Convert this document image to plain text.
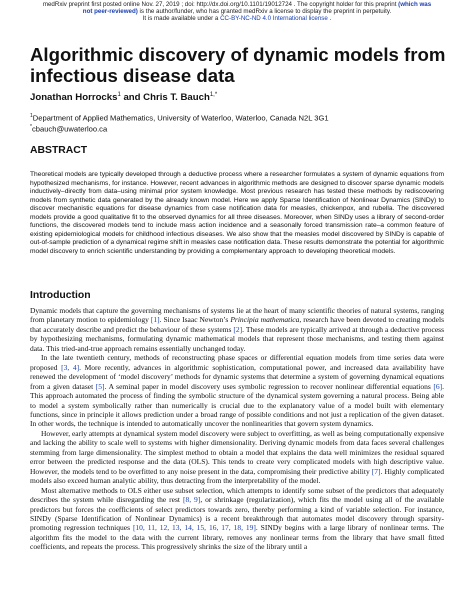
medRxiv preprint first posted online Nov. 27, 2019 ; doi: http://dx.doi.org/10.1101/19012724 . The copyright holder for this preprint (which was
not peer-reviewed) is the author/funder, who has granted medRxiv a license to display the preprint in perpetuity.
It is made available under a CC-BY-NC-ND 4.0 International license .
Algorithmic discovery of dynamic models from infectious disease data
Jonathan Horrocks$^1$ and Chris T. Bauch$^{1,*}$
$^1$Department of Applied Mathematics, University of Waterloo, Waterloo, Canada N2L 3G1
*cbauch@uwaterloo.ca
ABSTRACT

Theoretical models are typically developed through a deductive process where a researcher formulates a system of dynamic equations from hypothesized mechanisms, for instance. However, recent advances in algorithmic methods are designed to discover sparse dynamic models inductively–directly from data–using minimal prior system knowledge. Most previous research has tested these methods by rediscovering models from synthetic data generated by the already known model. Here we apply Sparse Identification of Nonlinear Dynamics (SINDy) to discover mechanistic equations for disease dynamics from case notification data for measles, chickenpox, and rubella. The discovered models provide a good qualitative fit to the observed dynamics for all three diseases. Moreover, when SINDy uses a library of second-order functions, the discovered models tend to include mass action incidence and a seasonally forced transmission rate–a common feature of existing epidemiological models for childhood infectious diseases. We also show that the measles model discovered by SINDy is capable of out-of-sample prediction of a dynamical regime shift in measles case notification data. These results demonstrate the potential for algorithmic model discovery to enrich scientific understanding by providing a complementary approach to developing theoretical models.

Introduction

Dynamic models that capture the governing mechanisms of systems lie at the heart of many scientific theories of natural systems, ranging from planetary motion to epidemiology [1]. Since Isaac Newton’s Principia mathematica, research have been devoted to creating models that accurately describe and predict the behaviour of these systems [2]. These models are typically arrived at through a deductive process by hypothesizing mechanisms, formulating dynamic mathematical models that represent those mechanisms, and testing them against data. This tried-and-true approach remains essentially unchanged today.

In the late twentieth century, methods of reconstructing phase spaces or differential equation models from time series data were proposed [3, 4]. More recently, advances in algorithmic sophistication, computational power, and increased data availability have renewed the development of ‘model discovery’ methods for dynamic systems that determine a system of governing dynamical equations from a given dataset [5]. A seminal paper in model discovery uses symbolic regression to recover nonlinear differential equations [6]. This approach automated the process of finding the symbolic structure of the dynamical system governing a natural process. Being able to model a system symbolically rather than numerically is crucial due to the explanatory value of a model built with elementary functions, since in principle it allows prediction under a broad range of possible conditions and not just a replication of the given dataset. In other words, the technique is intended to automatically uncover the nonlinearities that govern system dynamics.

However, early attempts at dynamical system model discovery were subject to overfitting, as well as being computationally expensive and lacking the ability to scale well to systems with higher dimensionality. Deriving dynamic models from data faces several challenges stemming from large dimensionality. The simplest method to obtain a model that explains the data well minimizes the residual squared error between the predicted response and the data (OLS). This tends to create very complicated models with high descriptive value. However, the models tend to be overfitted to any noise present in the data, compromising their predictive ability [7]. Highly complicated models also exceed human analytic ability, thus detracting from the interpretability of the model.

Most alternative methods to OLS either use subset selection, which attempts to identify some subset of the predictors that adequately describes the system while disregarding the rest [8, 9], or shrinkage (regularization), which fits the model using all of the available predictors but forces the coefficients of select predictors towards zero, thereby performing a kind of variable selection. For instance, SINDy (Sparse Identification of Nonlinear Dynamics) is a recent breakthrough that automates model discovery through sparsity-promoting regression techniques [10, 11, 12, 13, 14, 15, 16, 17, 18, 19]. SINDy begins with a large library of nonlinear terms. The algorithm fits the model to the data with the current library, removes any nonlinear terms from the library that have small fitted coefficients, and repeats the process. This progressively shrinks the size of the library until a
